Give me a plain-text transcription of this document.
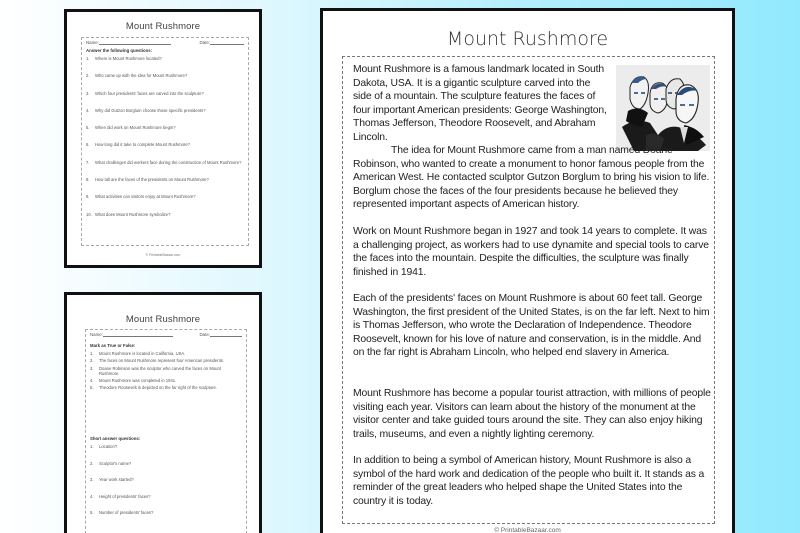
Mount Rushmore
Name:	Date:
Answer the following questions:
1.	Where is Mount Rushmore located?
2.	Who came up with the idea for Mount Rushmore?
3.	Which four presidents' faces are carved into the sculpture?
4.	Why did Gutzon Borglum choose those specific presidents?
5.	When did work on Mount Rushmore begin?
6.	How long did it take to complete Mount Rushmore?
7.	What challenges did workers face during the construction of Mount Rushmore?
8.	How tall are the faces of the presidents on Mount Rushmore?
9.	What activities can visitors enjoy at Mount Rushmore?
10. What does Mount Rushmore symbolize?
© PrintableBazaar.com
Mount Rushmore
Name:	Date:
Mark as True or False:
1.	Mount Rushmore is located in California, USA.
2.	The faces on Mount Rushmore represent four American presidents.
3.	Doane Robinson was the sculptor who carved the faces on Mount Rushmore.
4.	Mount Rushmore was completed in 1941.
5.	Theodore Roosevelt is depicted on the far right of the sculpture.
Short answer questions:
1.	Location?
2.	Sculptor's name?
3.	Year work started?
4.	Height of presidents' faces?
5.	Number of presidents' faces?
Mount Rushmore
Mount Rushmore is a famous landmark located in South Dakota, USA. It is a gigantic sculpture carved into the side of a mountain. The sculpture features the faces of four important American presidents: George Washington, Thomas Jefferson, Theodore Roosevelt, and Abraham Lincoln.
The idea for Mount Rushmore came from a man named Doane Robinson, who wanted to create a monument to honor famous people from the American West. He contacted sculptor Gutzon Borglum to bring his vision to life. Borglum chose the faces of the four presidents because he believed they represented important aspects of American history.
Work on Mount Rushmore began in 1927 and took 14 years to complete. It was a challenging project, as workers had to use dynamite and special tools to carve the faces into the mountain. Despite the difficulties, the sculpture was finally finished in 1941.
Each of the presidents' faces on Mount Rushmore is about 60 feet tall. George Washington, the first president of the United States, is on the far left. Next to him is Thomas Jefferson, who wrote the Declaration of Independence. Theodore Roosevelt, known for his love of nature and conservation, is in the middle. And on the far right is Abraham Lincoln, who helped end slavery in America.
Mount Rushmore has become a popular tourist attraction, with millions of people visiting each year. Visitors can learn about the history of the monument at the visitor center and take guided tours around the site. They can also enjoy hiking trails, museums, and even a nightly lighting ceremony.
In addition to being a symbol of American history, Mount Rushmore is also a symbol of the hard work and dedication of the people who built it. It stands as a reminder of the great leaders who helped shape the United States into the country it is today.
© PrintableBazaar.com
